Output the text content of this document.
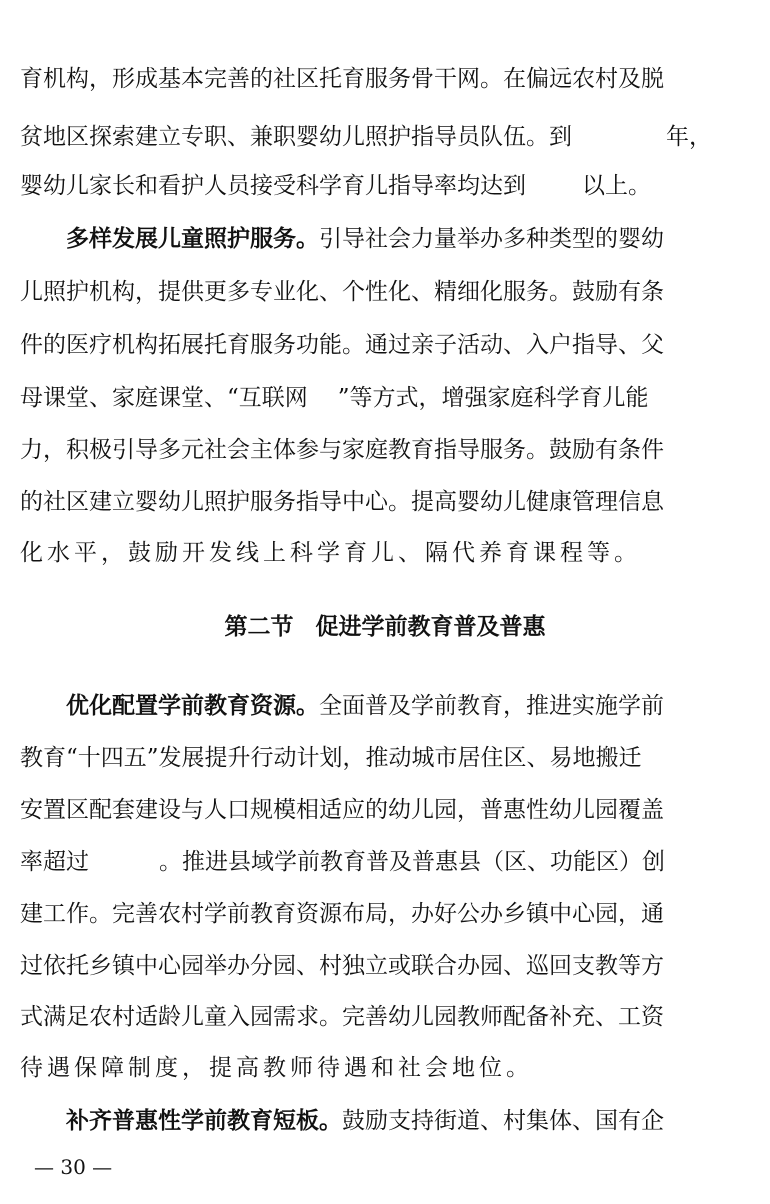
育机构，形成基本完善的社区托育服务骨干网。在偏远农村及脱
贫地区探索建立专职、兼职婴幼儿照护指导员队伍。到	年，
婴幼儿家长和看护人员接受科学育儿指导率均达到 以上。
多样发展儿童照护服务。引导社会力量举办多种类型的婴幼
儿照护机构，提供更多专业化、个性化、精细化服务。鼓励有条
件的医疗机构拓展托育服务功能。通过亲子活动、入户指导、父
母课堂、家庭课堂、“互联网 ”等方式，增强家庭科学育儿能
力，积极引导多元社会主体参与家庭教育指导服务。鼓励有条件
的社区建立婴幼儿照护服务指导中心。提高婴幼儿健康管理信息
化水平，鼓励开发线上科学育儿、隔代养育课程等。
第二节 促进学前教育普及普惠
优化配置学前教育资源。全面普及学前教育，推进实施学前
教育“十四五”发展提升行动计划，推动城市居住区、易地搬迁
安置区配套建设与人口规模相适应的幼儿园，普惠性幼儿园覆盖
率超过	。推进县域学前教育普及普惠县（区、功能区）创
建工作。完善农村学前教育资源布局，办好公办乡镇中心园，通
过依托乡镇中心园举办分园、村独立或联合办园、巡回支教等方
式满足农村适龄儿童入园需求。完善幼儿园教师配备补充、工资
待遇保障制度，提高教师待遇和社会地位。
补齐普惠性学前教育短板。鼓励支持街道、村集体、国有企
— 30 —
